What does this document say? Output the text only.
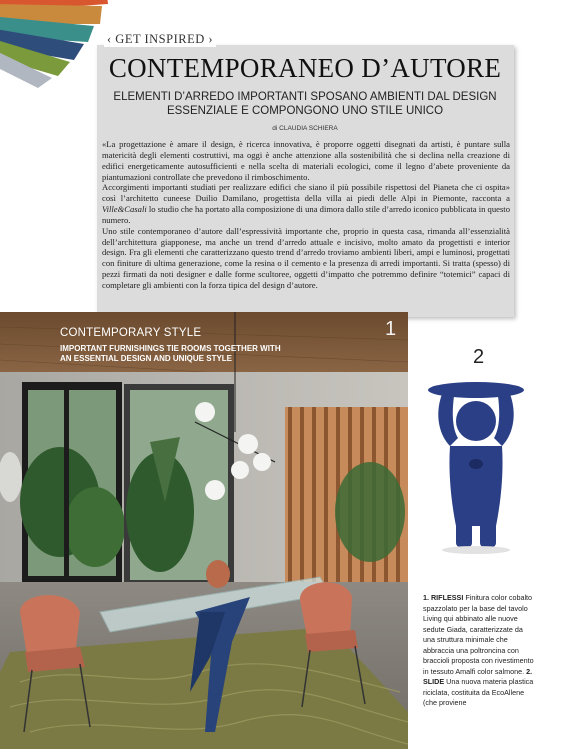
‹ GET INSPIRED ›
CONTEMPORANEO D’AUTORE
ELEMENTI D’ARREDO IMPORTANTI SPOSANO AMBIENTI DAL DESIGN ESSENZIALE E COMPONGONO UNO STILE UNICO
di CLAUDIA SCHIERA

«La progettazione è amare il design, è ricerca innovativa, è proporre oggetti disegnati da artisti, è puntare sulla matericità degli elementi costruttivi, ma oggi è anche attenzione alla sostenibilità che si declina nella creazione di edifici energeticamente autosufficienti e nella scelta di materiali ecologici, come il legno d’abete proveniente da piantumazioni controllate che prevedono il rimboschimento.

Accorgimenti importanti studiati per realizzare edifici che siano il più possibile rispettosi del Pianeta che ci ospita» così l’architetto cuneese Duilio Damilano, progettista della villa ai piedi delle Alpi in Piemonte, racconta a Ville&Casali lo studio che ha portato alla composizione di una dimora dallo stile d’arredo iconico pubblicata in questo numero.

Uno stile contemporaneo d’autore dall’espressività importante che, proprio in questa casa, rimanda all’essenzialità dell’architettura giapponese, ma anche un trend d’arredo attuale e incisivo, molto amato da progettisti e interior design. Fra gli elementi che caratterizzano questo trend d’arredo troviamo ambienti liberi, ampi e luminosi, progettati con finiture di ultima generazione, come la resina o il cemento e la presenza di arredi importanti. Si tratta (spesso) di pezzi firmati da noti designer e dalle forme scultoree, oggetti d’impatto che potremmo definire “totemici” capaci di completare gli ambienti con la forza tipica del design d’autore.

1
CONTEMPORARY STYLE
IMPORTANT FURNISHINGS TIE ROOMS TOGETHER WITH AN ESSENTIAL DESIGN AND UNIQUE STYLE	2
1. RIFLESSI Finitura color cobalto spazzolato per la base del tavolo Living qui abbinato alle nuove sedute Giada, caratterizzate da una struttura minimale che abbraccia una poltroncina con braccioli proposta con rivestimento in tessuto Amalfi color salmone. 2. SLIDE Una nuova materia plastica riciclata, costituita da EcoAllene (che proviene
